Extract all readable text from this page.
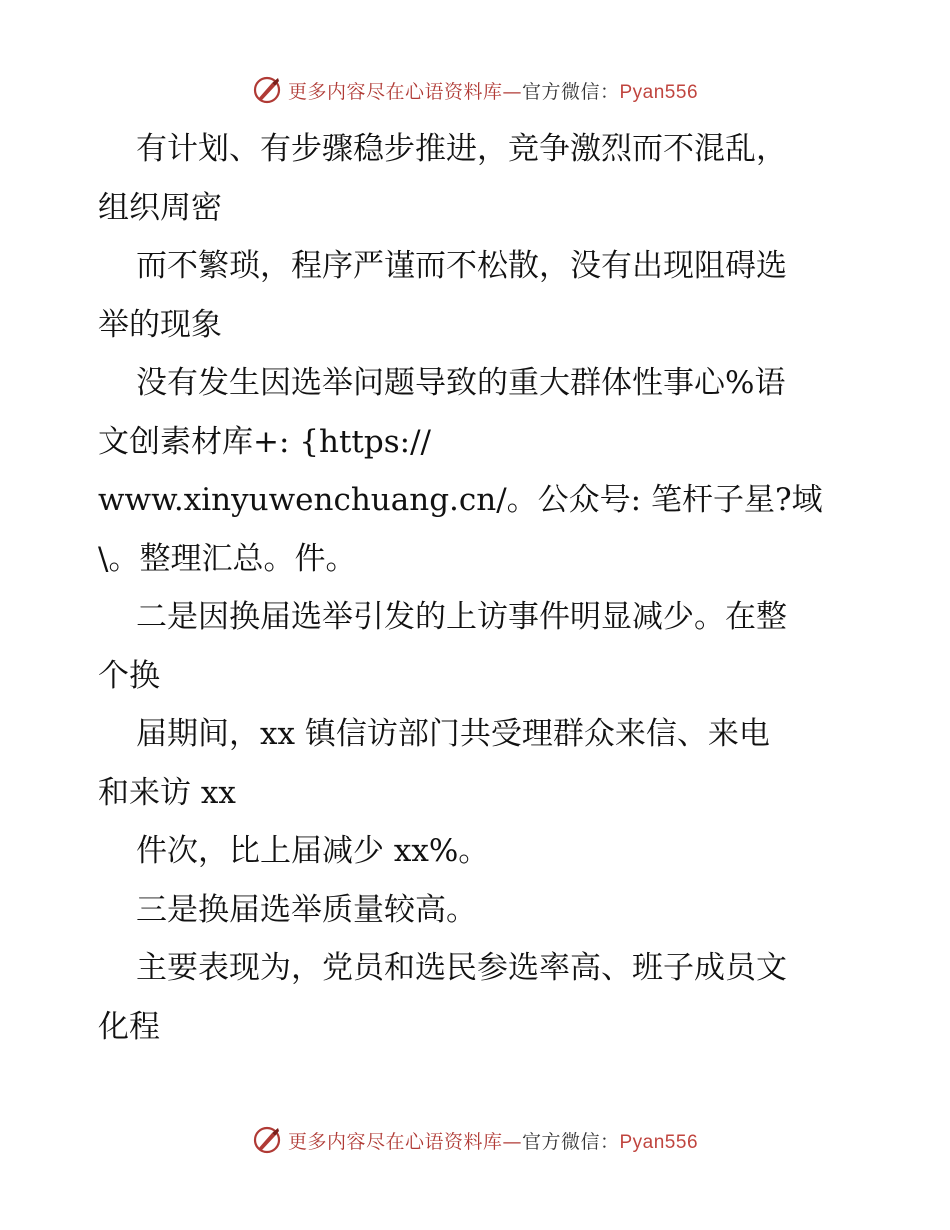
更多内容尽在心语资料库—官方微信：Pyan556

有计划、有步骤稳步推进，竞争激烈而不混乱，

组织周密

而不繁琐，程序严谨而不松散，没有出现阻碍选

举的现象

没有发生因选举问题导致的重大群体性事心%语

文创素材库+: {https://

www.xinyuwenchuang.cn/。公众号: 笔杆子星?域

\。整理汇总。件。

二是因换届选举引发的上访事件明显减少。在整

个换

届期间，xx 镇信访部门共受理群众来信、来电

和来访 xx

件次，比上届减少 xx%。

三是换届选举质量较高。

主要表现为，党员和选民参选率高、班子成员文

化程

更多内容尽在心语资料库—官方微信：Pyan556
